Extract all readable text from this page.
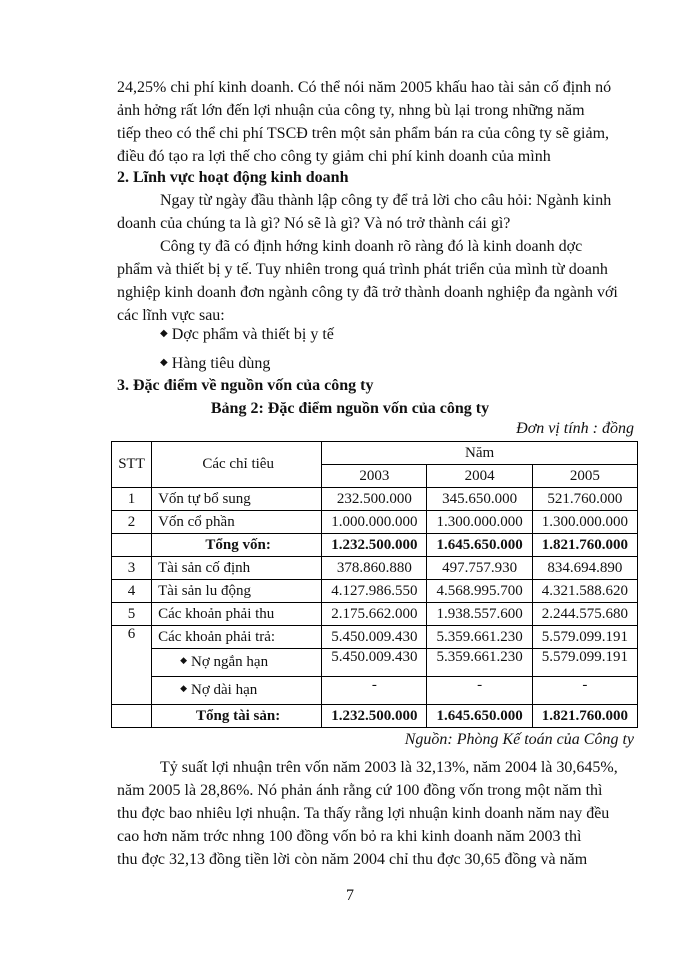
24,25% chi phí kinh doanh. Có thể nói năm 2005 khấu hao tài sản cố định nó
ảnh hởng rất lớn đến lợi nhuận của công ty, nhng bù lại trong những năm
tiếp theo có thể chi phí TSCĐ trên một sản phẩm bán ra của công ty sẽ giảm,
điều đó tạo ra lợi thế cho công ty giảm chi phí kinh doanh của mình
2. Lĩnh vực hoạt động kinh doanh
Ngay từ ngày đầu thành lập công ty để trả lời cho câu hỏi: Ngành kinh
doanh của chúng ta là gì? Nó sẽ là gì? Và nó trở thành cái gì?
Công ty đã có định hớng kinh doanh rõ ràng đó là kinh doanh dợc
phẩm và thiết bị y tế. Tuy nhiên trong quá trình phát triển của mình từ doanh
nghiệp kinh doanh đơn ngành công ty đã trở thành doanh nghiệp đa ngành với
các lĩnh vực sau:
◆ Dợc phẩm và thiết bị y tế
◆ Hàng tiêu dùng
3. Đặc điểm về nguồn vốn của công ty
Bảng 2: Đặc điểm nguồn vốn của công ty
Đơn vị tính : đồng
STT	Các chỉ tiêu	Năm		
		2003	2004	2005
1	Vốn tự bổ sung	232.500.000	345.650.000	521.760.000
2	Vốn cổ phần	1.000.000.000	1.300.000.000	1.300.000.000
	Tổng vốn:	1.232.500.000	1.645.650.000	1.821.760.000
3	Tài sản cố định	378.860.880	497.757.930	834.694.890
4	Tài sản lu động	4.127.986.550	4.568.995.700	4.321.588.620
5	Các khoản phải thu	2.175.662.000	1.938.557.600	2.244.575.680
6	Các khoản phải trả:	5.450.009.430	5.359.661.230	5.579.099.191
	◆ Nợ ngắn hạn	5.450.009.430	5.359.661.230	5.579.099.191
	◆ Nợ dài hạn	-	-	-
	Tổng tài sản:	1.232.500.000	1.645.650.000	1.821.760.000
Nguồn: Phòng Kế toán của Công ty
Tỷ suất lợi nhuận trên vốn năm 2003 là 32,13%, năm 2004 là 30,645%,
năm 2005 là 28,86%. Nó phản ánh rằng cứ 100 đồng vốn trong một năm thì
thu đợc bao nhiêu lợi nhuận. Ta thấy rằng lợi nhuận kinh doanh năm nay đều
cao hơn năm trớc nhng 100 đồng vốn bỏ ra khi kinh doanh năm 2003 thì
thu đợc 32,13 đồng tiền lời còn năm 2004 chỉ thu đợc 30,65 đồng và năm
7
